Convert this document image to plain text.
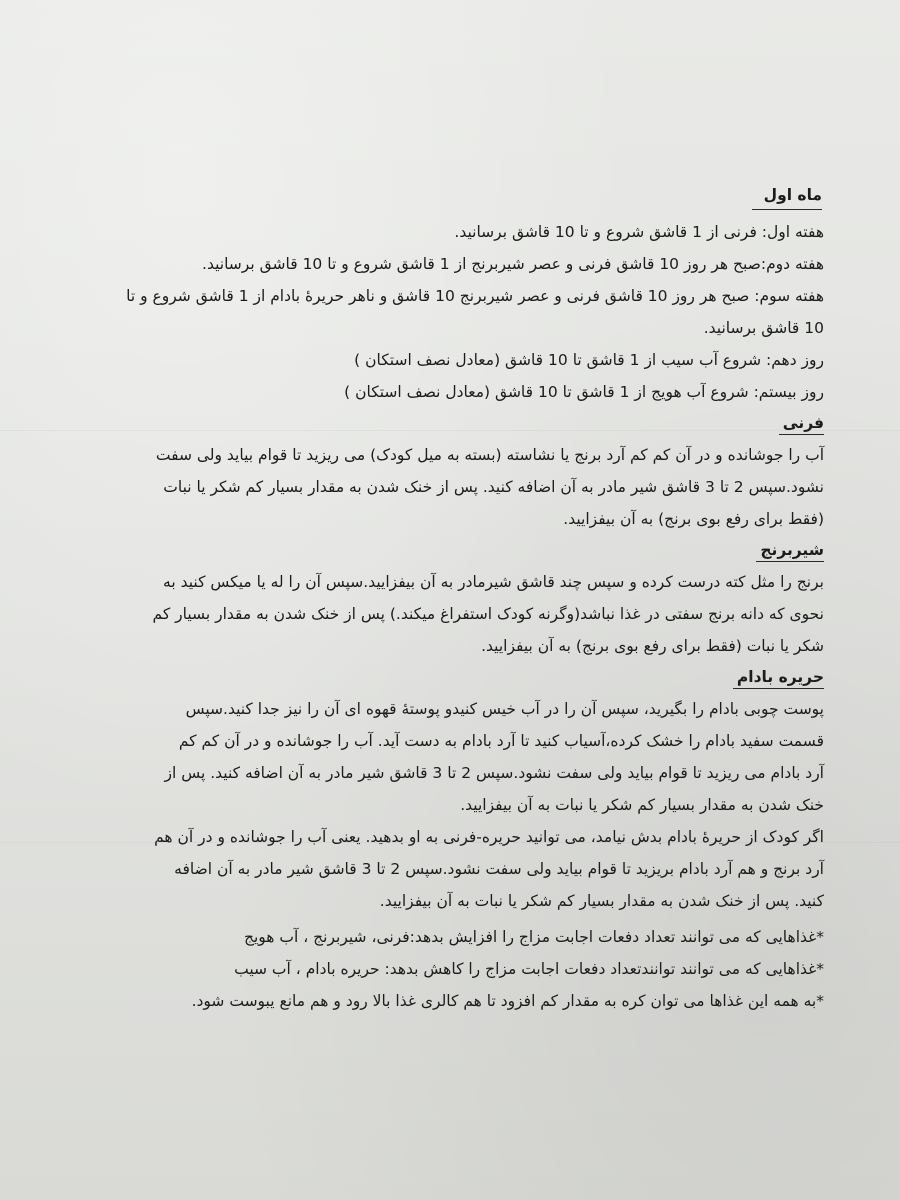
ماه اول
هفته اول: فرنی از 1 قاشق شروع و تا 10 قاشق برسانید.
هفته دوم:صبح هر روز 10 قاشق فرنی و عصر شیربرنج از 1 قاشق شروع و تا 10 قاشق برسانید.
هفته سوم: صبح هر روز 10 قاشق فرنی و عصر شیربرنج 10 قاشق و ناهر حریرهٔ بادام از 1 قاشق شروع و تا
10 قاشق برسانید.
روز دهم: شروع آب سیب از 1 قاشق تا 10 قاشق (معادل نصف استکان )
روز بیستم: شروع آب هویج از 1 قاشق تا 10 قاشق (معادل نصف استکان )
فرنی
آب را جوشانده و در آن کم کم آرد برنج یا نشاسته (بسته به میل کودک) می ریزید تا قوام بیاید ولی سفت
نشود.سپس 2 تا 3 قاشق شیر مادر به آن اضافه کنید. پس از خنک شدن به مقدار بسیار کم شکر یا نبات
(فقط برای رفع بوی برنج) به آن بیفزایید.
شیربرنج
برنج را مثل کته درست کرده و سپس چند قاشق شیرمادر به آن بیفزایید.سپس آن را له یا میکس کنید به
نحوی که دانه برنج سفتی در غذا نباشد(وگرنه کودک استفراغ میکند.) پس از خنک شدن به مقدار بسیار کم
شکر یا نبات (فقط برای رفع بوی برنج) به آن بیفزایید.
حریره بادام
پوست چوبی بادام را بگیرید، سپس آن را در آب خیس کنیدو پوستهٔ قهوه ای آن را نیز جدا کنید.سپس
قسمت سفید بادام را خشک کرده،آسیاب کنید تا آرد بادام به دست آید. آب را جوشانده و در آن کم کم
آرد بادام می ریزید تا قوام بیاید ولی سفت نشود.سپس 2 تا 3 قاشق شیر مادر به آن اضافه کنید. پس از
خنک شدن به مقدار بسیار کم شکر یا نبات به آن بیفزایید.
اگر کودک از حریرهٔ بادام بدش نیامد، می توانید حریره-فرنی به او بدهید. یعنی آب را جوشانده و در آن هم
آرد برنج و هم آرد بادام بریزید تا قوام بیاید ولی سفت نشود.سپس 2 تا 3 قاشق شیر مادر به آن اضافه
کنید. پس از خنک شدن به مقدار بسیار کم شکر یا نبات به آن بیفزایید.
*غذاهایی که می توانند تعداد دفعات اجابت مزاج را افزایش بدهد:فرنی، شیربرنج ، آب هویج
*غذاهایی که می توانند توانندتعداد دفعات اجابت مزاج را کاهش بدهد: حریره بادام ، آب سیب
*به همه این غذاها می توان کره به مقدار کم افزود تا هم کالری غذا بالا رود و هم مانع یبوست شود.
